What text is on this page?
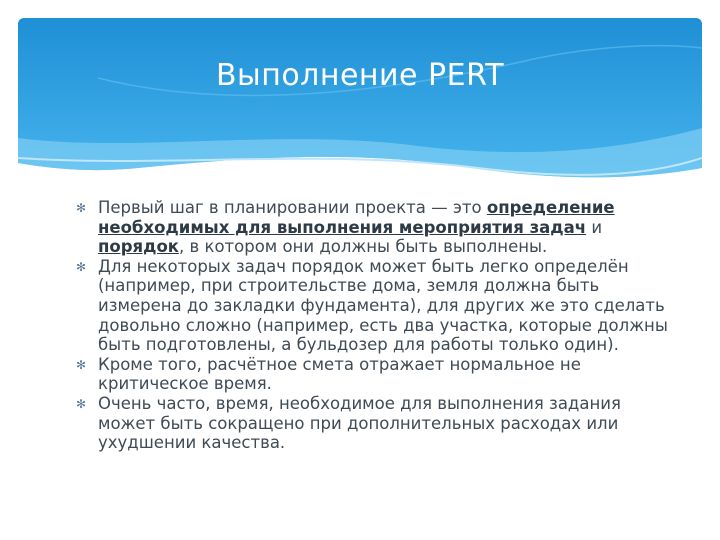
Выполнение PERT
✻ Первый шаг в планировании проекта — это определение необходимых для выполнения мероприятия задач и порядок, в котором они должны быть выполнены.
✻ Для некоторых задач порядок может быть легко определён (например, при строительстве дома, земля должна быть измерена до закладки фундамента), для других же это сделать довольно сложно (например, есть два участка, которые должны быть подготовлены, а бульдозер для работы только один).
✻ Кроме того, расчётное смета отражает нормальное не критическое время.
✻ Очень часто, время, необходимое для выполнения задания может быть сокращено при дополнительных расходах или ухудшении качества.
